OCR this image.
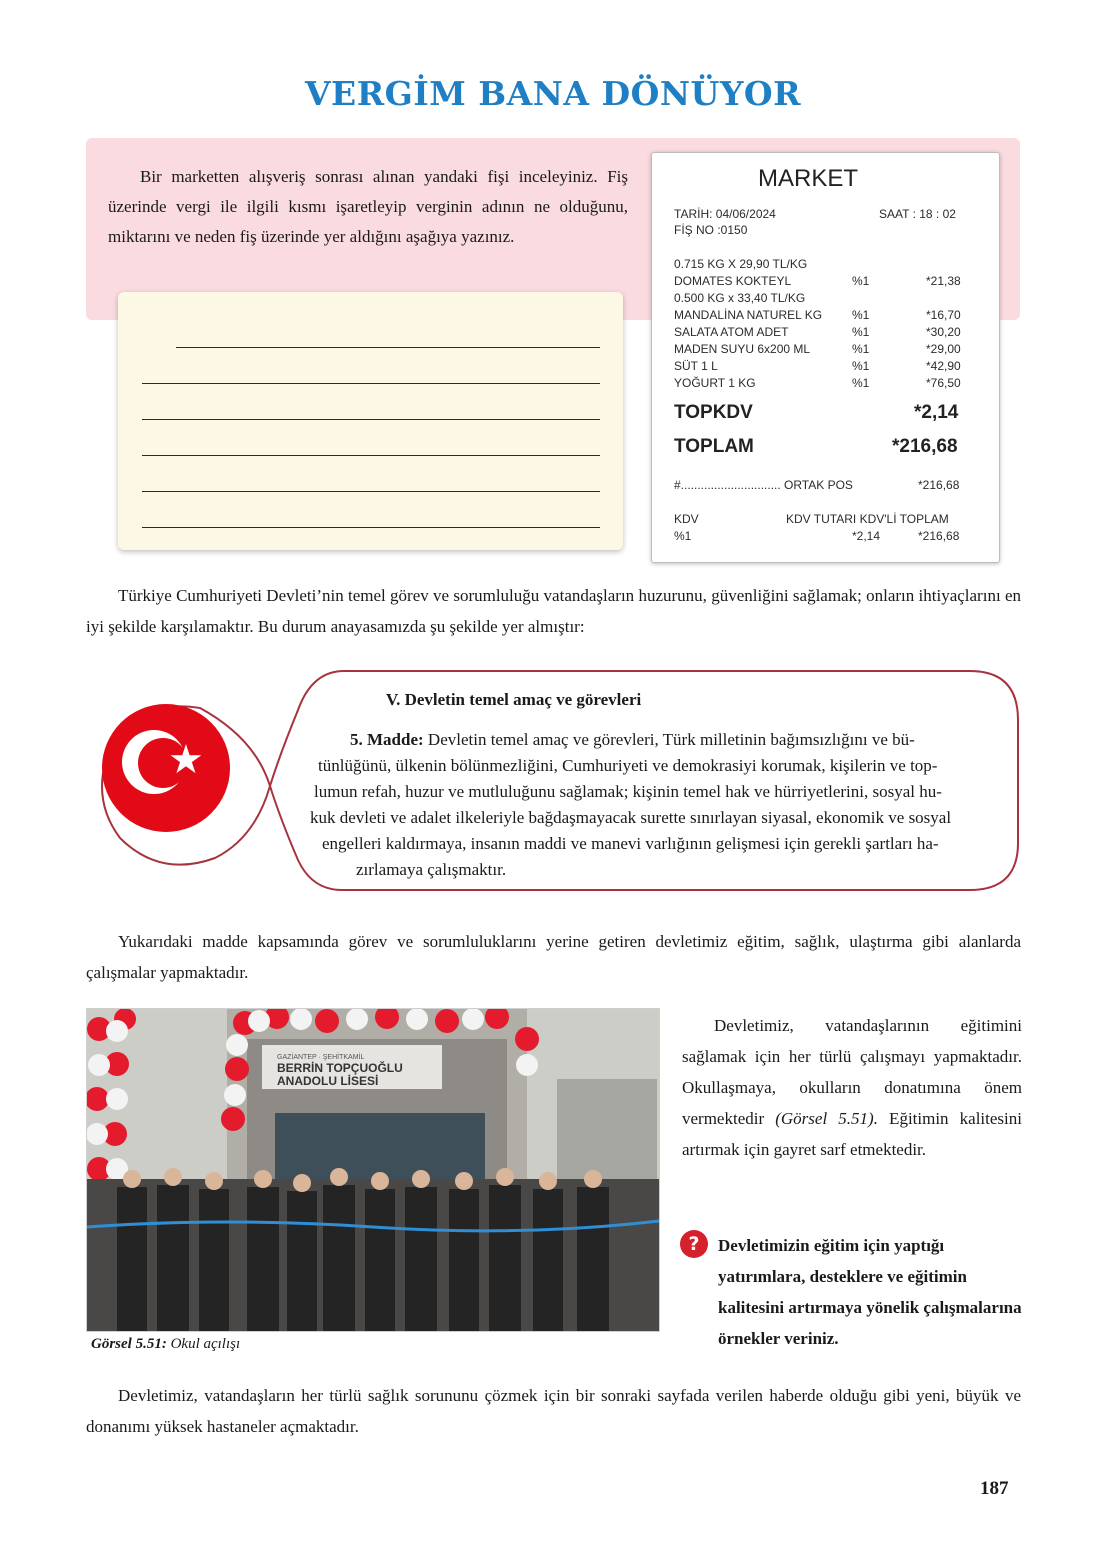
VERGİM BANA DÖNÜYOR

Bir marketten alışveriş sonrası alınan yandaki fişi inceleyiniz. Fiş üzerinde vergi ile ilgili kısmı işaretleyip verginin adının ne olduğunu, miktarını ve neden fiş üzerinde yer aldığını aşağıya yazınız.

MARKET
TARİH: 04/06/2024	SAAT : 18 : 02
FİŞ NO :0150
0.715 KG X 29,90 TL/KG
DOMATES KOKTEYL	%1	*21,38
0.500 KG x 33,40 TL/KG
MANDALİNA NATUREL KG %1	*16,70
SALATA ATOM ADET	%1	*30,20
MADEN SUYU 6x200 ML	%1	*29,00
SÜT 1 L	%1	*42,90
YOĞURT 1 KG	%1	*76,50
TOPKDV	*2,14
TOPLAM	*216,68
#.............................. ORTAK POS	*216,68
KDV	KDV TUTARI KDV'Lİ TOPLAM
%1	*2,14	*216,68

Türkiye Cumhuriyeti Devleti’nin temel görev ve sorumluluğu vatandaşların huzurunu, güvenliğini sağlamak; onların ihtiyaçlarını en iyi şekilde karşılamaktır. Bu durum anayasamızda şu şekilde yer almıştır:

★
V. Devletin temel amaç ve görevleri
5. Madde: Devletin temel amaç ve görevleri, Türk milletinin bağımsızlığını ve bü-
tünlüğünü, ülkenin bölünmezliğini, Cumhuriyeti ve demokrasiyi korumak, kişilerin ve top-
lumun refah, huzur ve mutluluğunu sağlamak; kişinin temel hak ve hürriyetlerini, sosyal hu-
kuk devleti ve adalet ilkeleriyle bağdaşmayacak surette sınırlayan siyasal, ekonomik ve sosyal
engelleri kaldırmaya, insanın maddi ve manevi varlığının gelişmesi için gerekli şartları ha-
zırlamaya çalışmaktır.

Yukarıdaki madde kapsamında görev ve sorumluluklarını yerine getiren devletimiz eğitim, sağlık, ulaştırma gibi alanlarda çalışmalar yapmaktadır.

GAZİANTEP · ŞEHİTKAMİL
BERRİN TOPÇUOĞLU
ANADOLU LİSESİ
Görsel 5.51: Okul açılışı

Devletimiz, vatandaşlarının eğitimini sağlamak için her türlü çalışmayı yapmaktadır. Okullaşmaya, okulların donatımına önem vermektedir (Görsel 5.51). Eğitimin kalitesini artırmak için gayret sarf etmektedir.

?	Devletimizin eğitim için yaptığı yatırımlara, desteklere ve eğitimin kalitesini artırmaya yönelik çalışmalarına örnekler veriniz.

Devletimiz, vatandaşların her türlü sağlık sorununu çözmek için bir sonraki sayfada verilen haberde olduğu gibi yeni, büyük ve donanımı yüksek hastaneler açmaktadır.

187
